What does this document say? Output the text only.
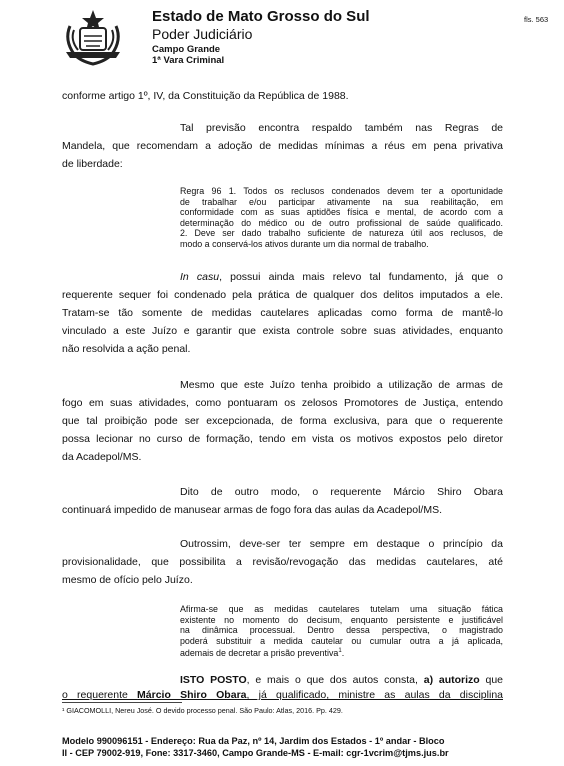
Estado de Mato Grosso do Sul
Poder Judiciário
Campo Grande
1ª Vara Criminal
fls. 563
conforme artigo 1º, IV, da Constituição da República de 1988.
Tal previsão encontra respaldo também nas Regras de
Mandela, que recomendam a adoção de medidas mínimas a réus em pena privativa
de liberdade:
Regra 96 1. Todos os reclusos condenados devem ter a oportunidade
de trabalhar e/ou participar ativamente na sua reabilitação, em
conformidade com as suas aptidões física e mental, de acordo com a
determinação do médico ou de outro profissional de saúde qualificado.
2. Deve ser dado trabalho suficiente de natureza útil aos reclusos, de
modo a conservá-los ativos durante um dia normal de trabalho.
In casu, possui ainda mais relevo tal fundamento, já que o
requerente sequer foi condenado pela prática de qualquer dos delitos imputados a ele.
Tratam-se tão somente de medidas cautelares aplicadas como forma de mantê-lo
vinculado a este Juízo e garantir que exista controle sobre suas atividades, enquanto
não resolvida a ação penal.
Mesmo que este Juízo tenha proibido a utilização de armas de
fogo em suas atividades, como pontuaram os zelosos Promotores de Justiça, entendo
que tal proibição pode ser excepcionada, de forma exclusiva, para que o requerente
possa lecionar no curso de formação, tendo em vista os motivos expostos pelo diretor
da Acadepol/MS.
Dito de outro modo, o requerente Márcio Shiro Obara
continuará impedido de manusear armas de fogo fora das aulas da Acadepol/MS.
Outrossim, deve-ser ter sempre em destaque o princípio da
provisionalidade, que possibilita a revisão/revogação das medidas cautelares, até
mesmo de ofício pelo Juízo.
Afirma-se que as medidas cautelares tutelam uma situação fática
existente no momento do decisum, enquanto persistente e justificável
na dinâmica processual. Dentro dessa perspectiva, o magistrado
poderá substituir a medida cautelar ou cumular outra a já aplicada,
ademais de decretar a prisão preventiva$^1$.
ISTO POSTO, e mais o que dos autos consta, a) autorizo que
o requerente Márcio Shiro Obara, já qualificado, ministre as aulas da disciplina
¹ GIACOMOLLI, Nereu José. O devido processo penal. São Paulo: Atlas, 2016. Pp. 429.
Modelo 990096151 - Endereço: Rua da Paz, nº 14, Jardim dos Estados - 1º andar - Bloco
II - CEP 79002-919, Fone: 3317-3460, Campo Grande-MS - E-mail: cgr-1vcrim@tjms.jus.br
